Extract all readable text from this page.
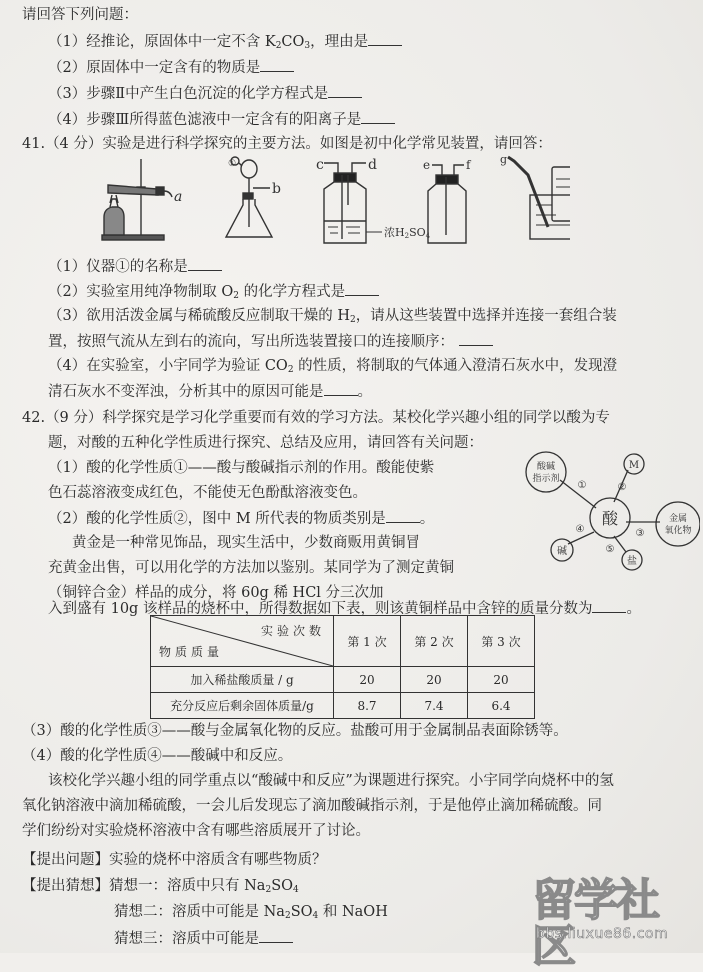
请回答下列问题：
（1）经推论，原固体中一定不含 $K_2CO_3$，理由是
（2）原固体中一定含有的物质是
（3）步骤Ⅱ中产生白色沉淀的化学方程式是
（4）步骤Ⅲ所得蓝色滤液中一定含有的阳离子是
41.（4 分）实验是进行科学探究的主要方法。如图是初中化学常见装置，请回答：
a
①
b
c	d
浓H2SO4
e	f	g
（1）仪器①的名称是
（2）实验室用纯净物制取 $O_2$ 的化学方程式是
（3）欲用活泼金属与稀硫酸反应制取干燥的 $H_2$，请从这些装置中选择并连接一套组合装
置，按照气流从左到右的流向，写出所选装置接口的连接顺序：
（4）在实验室，小宇同学为验证 $CO_2$ 的性质，将制取的气体通入澄清石灰水中，发现澄
清石灰水不变浑浊，分析其中的原因可能是 。
42.（9 分）科学探究是学习化学重要而有效的学习方法。某校化学兴趣小组的同学以酸为专
题，对酸的五种化学性质进行探究、总结及应用，请回答有关问题：
（1）酸的化学性质①——酸与酸碱指示剂的作用。酸能使紫
色石蕊溶液变成红色，不能使无色酚酞溶液变色。
（2）酸的化学性质②，图中 M 所代表的物质类别是 。
黄金是一种常见饰品，现实生活中，少数商贩用黄铜冒
充黄金出售，可以用化学的方法加以鉴别。某同学为了测定黄铜
（铜锌合金）样品的成分，将 60g 稀 HCl 分三次加
入到盛有 10g 该样品的烧杯中，所得数据如下表，则该黄铜样品中含锌的质量分数为 。
酸碱
指示剂
M
酸	金属
氧化物
碱
盐
①	②
③
④
⑤
实验次数
物质质量	第 1 次	第 2 次	第 3 次
加入稀盐酸质量 / g	20	20	20
充分反应后剩余固体质量/g	8.7	7.4	6.4
（3）酸的化学性质③——酸与金属氧化物的反应。盐酸可用于金属制品表面除锈等。
（4）酸的化学性质④——酸碱中和反应。
该校化学兴趣小组的同学重点以“酸碱中和反应”为课题进行探究。小宇同学向烧杯中的氢
氧化钠溶液中滴加稀硫酸，一会儿后发现忘了滴加酸碱指示剂，于是他停止滴加稀硫酸。同
学们纷纷对实验烧杯溶液中含有哪些溶质展开了讨论。
【提出问题】实验的烧杯中溶质含有哪些物质？
【提出猜想】猜想一：溶质中只有 $Na_2SO_4$
猜想二：溶质中可能是 $Na_2SO_4$ 和 NaOH
猜想三：溶质中可能是
留学社区
bbs.liuxue86.com
